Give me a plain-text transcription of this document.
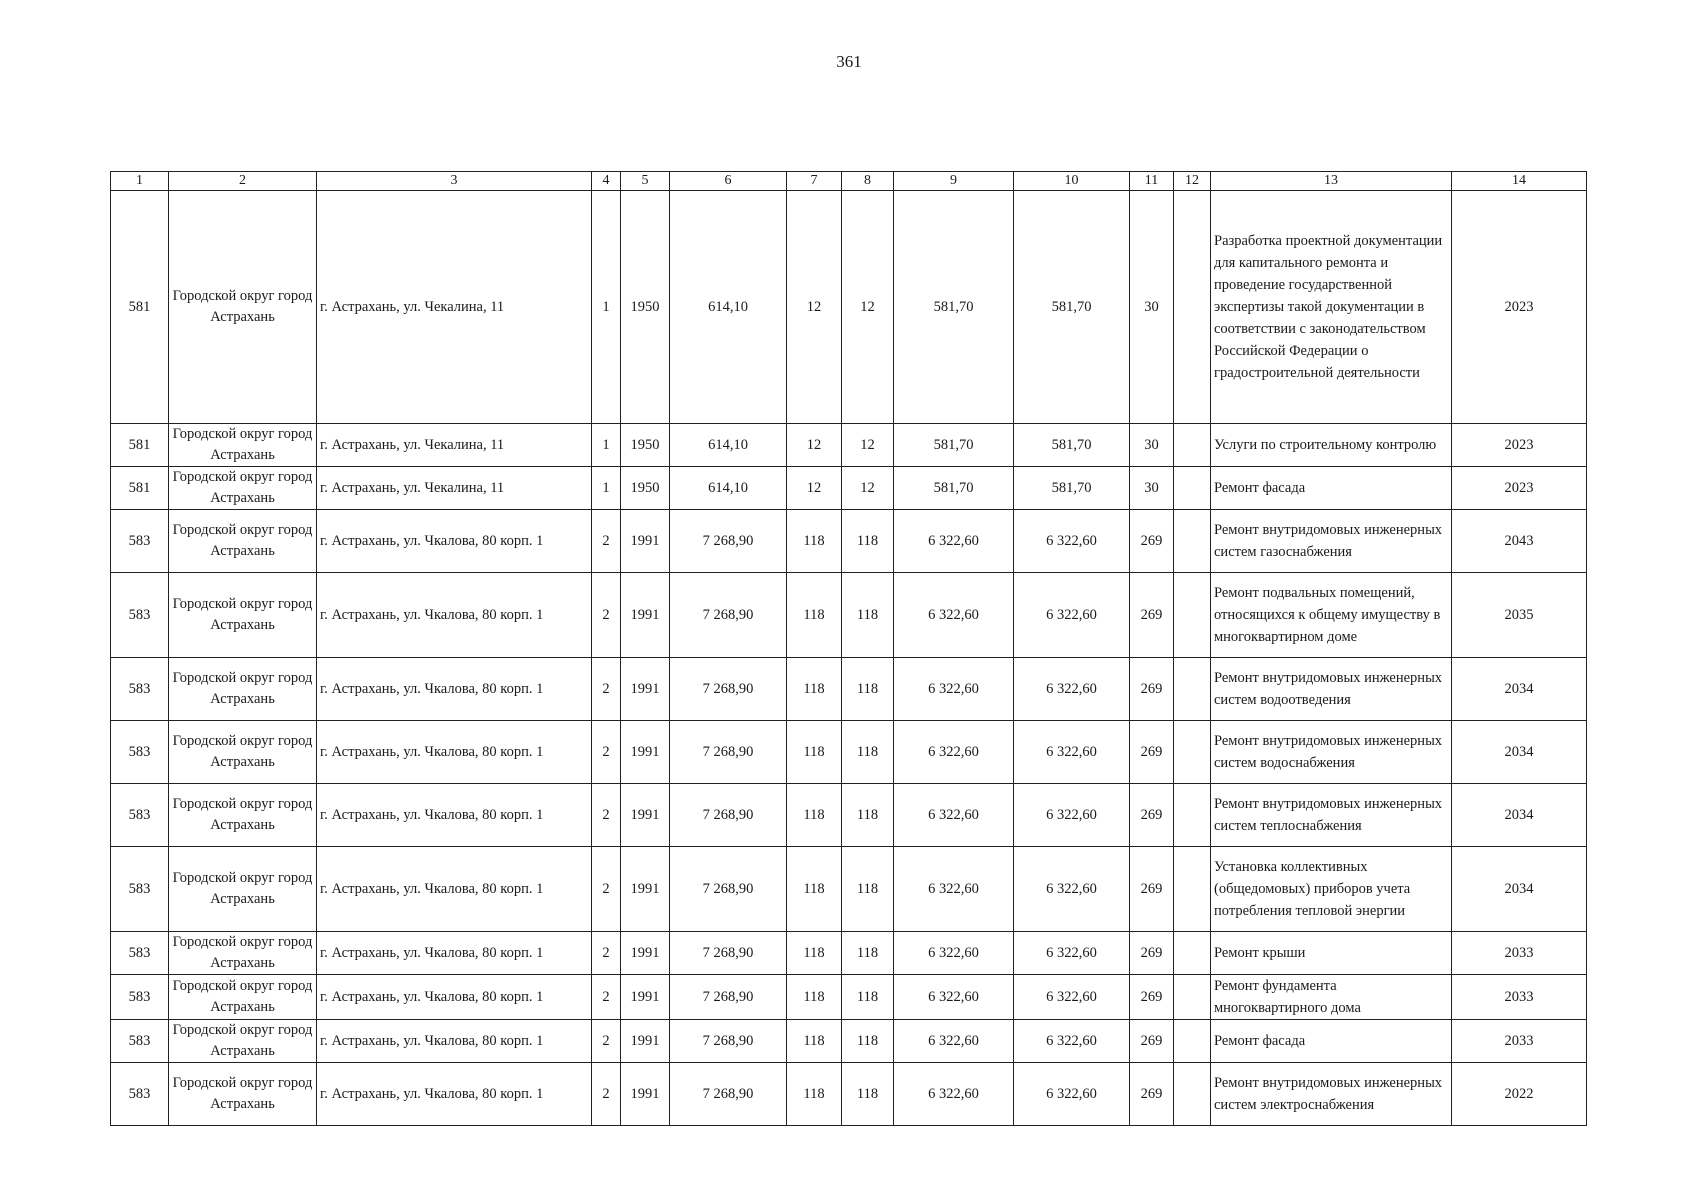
361
1	2	3	4	5	6	7	8	9	10	11	12	13	14
581	Городской округ город Астрахань	г. Астрахань, ул. Чекалина, 11	1	1950	614,10	12	12	581,70	581,70	30		Разработка проектной документации для капитального ремонта и проведение государственной экспертизы такой документации в соответствии с законодательством Российской Федерации о градостроительной деятельности	2023
581	Городской округ город Астрахань	г. Астрахань, ул. Чекалина, 11	1	1950	614,10	12	12	581,70	581,70	30		Услуги по строительному контролю	2023
581	Городской округ город Астрахань	г. Астрахань, ул. Чекалина, 11	1	1950	614,10	12	12	581,70	581,70	30		Ремонт фасада	2023
583	Городской округ город Астрахань	г. Астрахань, ул. Чкалова, 80 корп. 1	2	1991	7 268,90	118	118	6 322,60	6 322,60	269		Ремонт внутридомовых инженерных систем газоснабжения	2043
583	Городской округ город Астрахань	г. Астрахань, ул. Чкалова, 80 корп. 1	2	1991	7 268,90	118	118	6 322,60	6 322,60	269		Ремонт подвальных помещений, относящихся к общему имуществу в многоквартирном доме	2035
583	Городской округ город Астрахань	г. Астрахань, ул. Чкалова, 80 корп. 1	2	1991	7 268,90	118	118	6 322,60	6 322,60	269		Ремонт внутридомовых инженерных систем водоотведения	2034
583	Городской округ город Астрахань	г. Астрахань, ул. Чкалова, 80 корп. 1	2	1991	7 268,90	118	118	6 322,60	6 322,60	269		Ремонт внутридомовых инженерных систем водоснабжения	2034
583	Городской округ город Астрахань	г. Астрахань, ул. Чкалова, 80 корп. 1	2	1991	7 268,90	118	118	6 322,60	6 322,60	269		Ремонт внутридомовых инженерных систем теплоснабжения	2034
583	Городской округ город Астрахань	г. Астрахань, ул. Чкалова, 80 корп. 1	2	1991	7 268,90	118	118	6 322,60	6 322,60	269		Установка коллективных (общедомовых) приборов учета потребления тепловой энергии	2034
583	Городской округ город Астрахань	г. Астрахань, ул. Чкалова, 80 корп. 1	2	1991	7 268,90	118	118	6 322,60	6 322,60	269		Ремонт крыши	2033
583	Городской округ город Астрахань	г. Астрахань, ул. Чкалова, 80 корп. 1	2	1991	7 268,90	118	118	6 322,60	6 322,60	269		Ремонт фундамента многоквартирного дома	2033
583	Городской округ город Астрахань	г. Астрахань, ул. Чкалова, 80 корп. 1	2	1991	7 268,90	118	118	6 322,60	6 322,60	269		Ремонт фасада	2033
583	Городской округ город Астрахань	г. Астрахань, ул. Чкалова, 80 корп. 1	2	1991	7 268,90	118	118	6 322,60	6 322,60	269		Ремонт внутридомовых инженерных систем электроснабжения	2022
